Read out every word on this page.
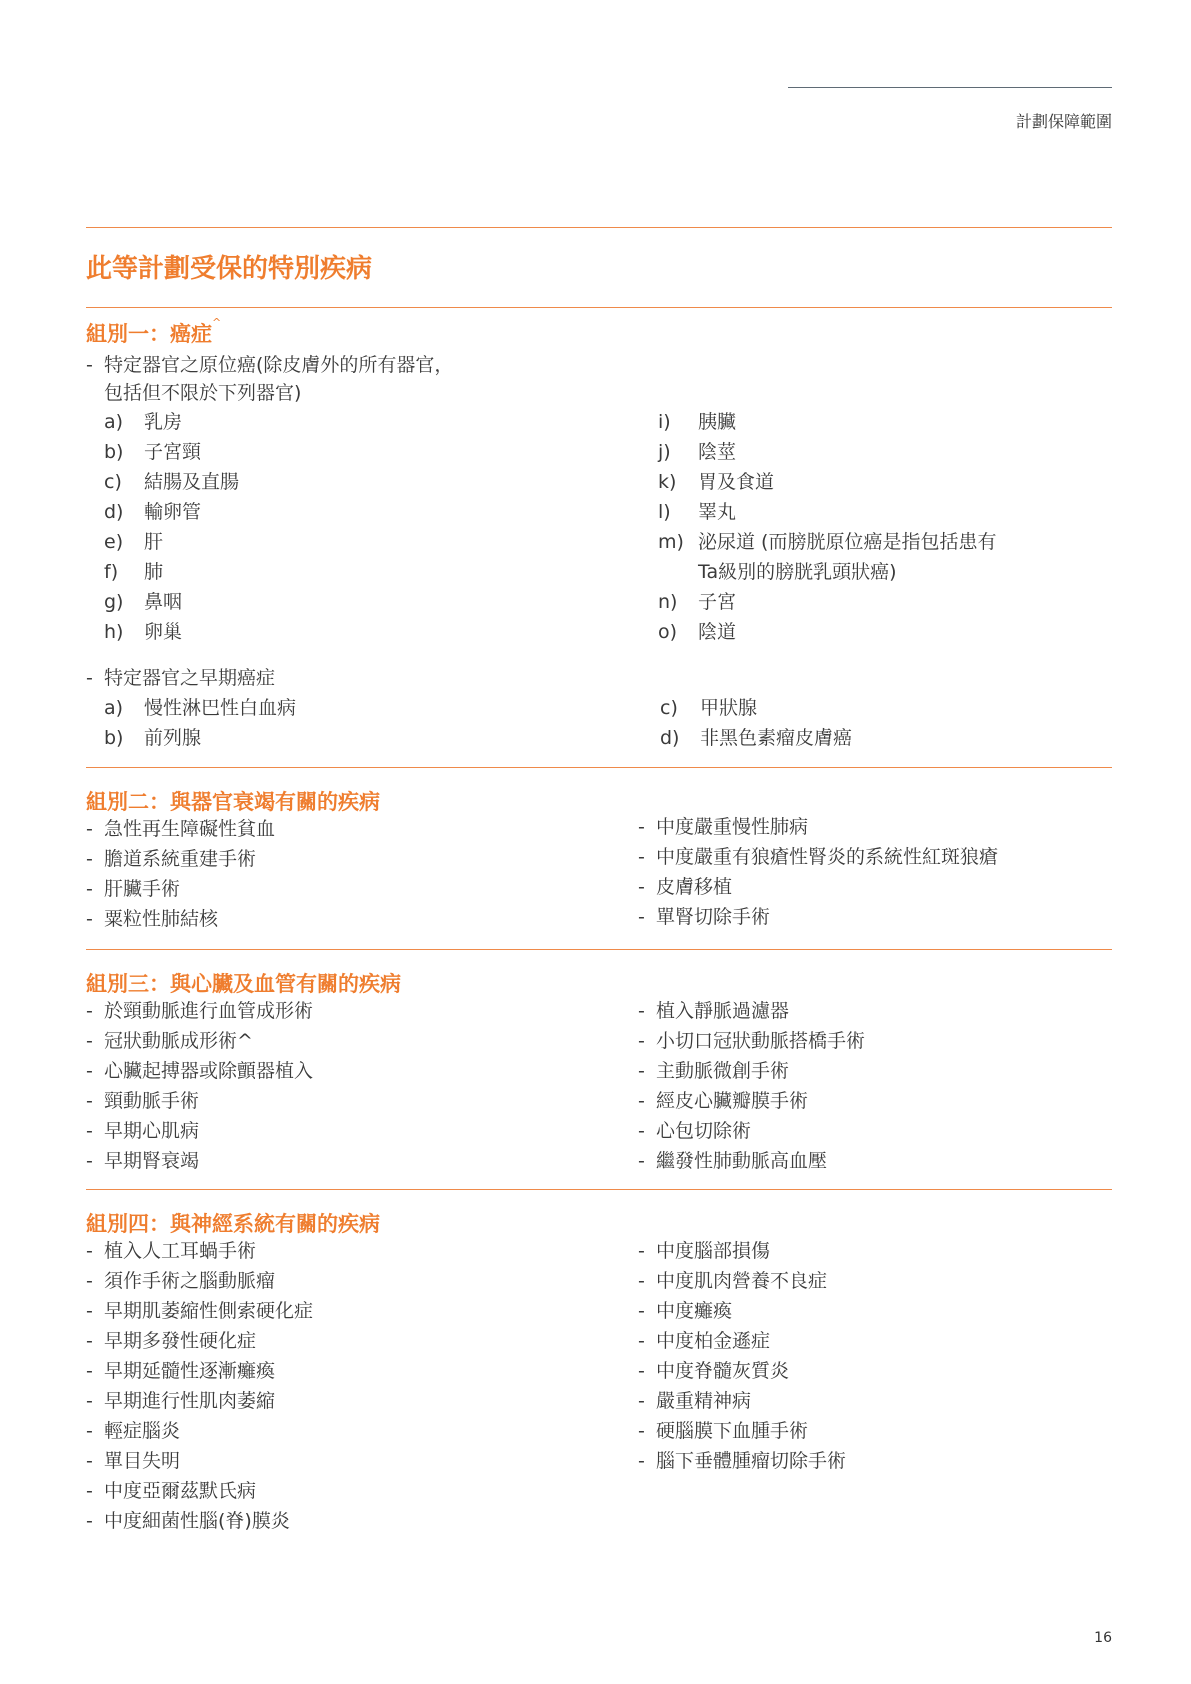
計劃保障範圍
此等計劃受保的特別疾病
組別一：癌症^
- 特定器官之原位癌(除皮膚外的所有器官，
包括但不限於下列器官)
a) 乳房
b) 子宮頸
c) 結腸及直腸
d) 輸卵管
e) 肝
f) 肺
g) 鼻咽
h) 卵巢
i) 胰臟
j) 陰莖
k) 胃及食道
l) 睪丸
m) 泌尿道 (而膀胱原位癌是指包括患有
Ta級別的膀胱乳頭狀癌)
n) 子宮
o) 陰道
- 特定器官之早期癌症
a) 慢性淋巴性白血病
b) 前列腺
c) 甲狀腺
d) 非黑色素瘤皮膚癌
組別二：與器官衰竭有關的疾病
- 急性再生障礙性貧血
- 膽道系統重建手術
- 肝臟手術
- 粟粒性肺結核
- 中度嚴重慢性肺病
- 中度嚴重有狼瘡性腎炎的系統性紅斑狼瘡
- 皮膚移植
- 單腎切除手術
組別三：與心臟及血管有關的疾病
- 於頸動脈進行血管成形術
- 冠狀動脈成形術^
- 心臟起搏器或除顫器植入
- 頸動脈手術
- 早期心肌病
- 早期腎衰竭
- 植入靜脈過濾器
- 小切口冠狀動脈搭橋手術
- 主動脈微創手術
- 經皮心臟瓣膜手術
- 心包切除術
- 繼發性肺動脈高血壓
組別四：與神經系統有關的疾病
- 植入人工耳蝸手術
- 須作手術之腦動脈瘤
- 早期肌萎縮性側索硬化症
- 早期多發性硬化症
- 早期延髓性逐漸癱瘓
- 早期進行性肌肉萎縮
- 輕症腦炎
- 單目失明
- 中度亞爾茲默氏病
- 中度細菌性腦(脊)膜炎
- 中度腦部損傷
- 中度肌肉營養不良症
- 中度癱瘓
- 中度柏金遜症
- 中度脊髓灰質炎
- 嚴重精神病
- 硬腦膜下血腫手術
- 腦下垂體腫瘤切除手術
16
